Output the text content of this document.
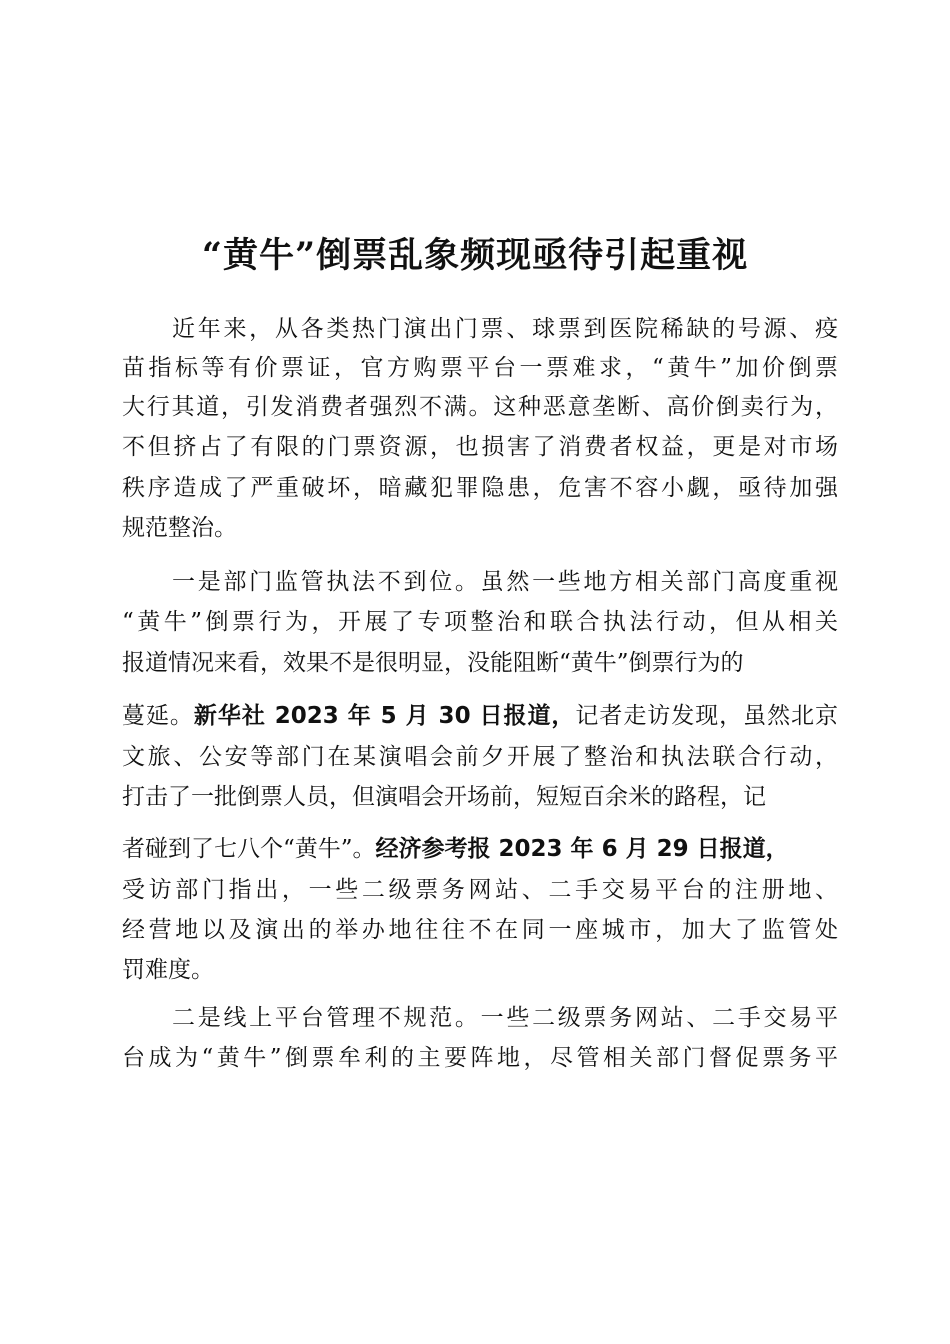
“黄牛”倒票乱象频现亟待引起重视
近年来，从各类热门演出门票、球票到医院稀缺的号源、疫
苗指标等有价票证，官方购票平台一票难求，“黄牛”加价倒票
大行其道，引发消费者强烈不满。这种恶意垄断、高价倒卖行为，
不但挤占了有限的门票资源，也损害了消费者权益，更是对市场
秩序造成了严重破坏，暗藏犯罪隐患，危害不容小觑，亟待加强
规范整治。
一是部门监管执法不到位。虽然一些地方相关部门高度重视
“黄牛”倒票行为，开展了专项整治和联合执法行动，但从相关
报道情况来看，效果不是很明显，没能阻断“黄牛”倒票行为的
蔓延。新华社 2023 年 5 月 30 日报道，记者走访发现，虽然北京
文旅、公安等部门在某演唱会前夕开展了整治和执法联合行动，
打击了一批倒票人员，但演唱会开场前，短短百余米的路程，记
者碰到了七八个“黄牛”。经济参考报 2023 年 6 月 29 日报道，
受访部门指出，一些二级票务网站、二手交易平台的注册地、
经营地以及演出的举办地往往不在同一座城市，加大了监管处
罚难度。
二是线上平台管理不规范。一些二级票务网站、二手交易平
台成为“黄牛”倒票牟利的主要阵地，尽管相关部门督促票务平
